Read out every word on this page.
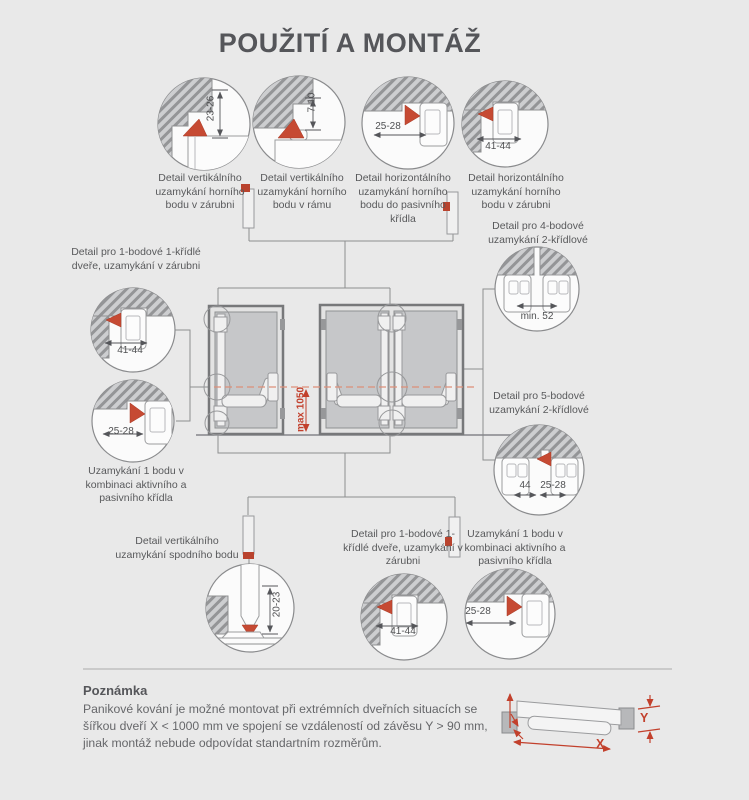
POUŽITÍ A MONTÁŽ
Detail vertikálního uzamykání horního bodu v zárubni
Detail vertikálního uzamykání horního bodu v rámu
Detail horizontálního uzamykání horního bodu do pasivního křídla
Detail horizontálního uzamykání horního bodu v zárubni
Detail pro 1-bodové 1-křídlé dveře, uzamykání v zárubni
Uzamykání 1 bodu v kombinaci aktivního a pasivního křídla
Detail pro 4-bodové uzamykání 2-křídlové
Detail pro 5-bodové uzamykání 2-křídlové
Detail vertikálního uzamykání spodního bodu
Detail pro 1-bodové 1-křídlé dveře, uzamykání v zárubni
Uzamykání 1 bodu v kombinaci aktivního a pasivního křídla
23-26	7-10
25-28
41-44
41-44
25-28
min. 52
44 25-28
20-23
41-44
25-28
max 1050
Poznámka
Panikové kování je možné montovat při extrémních dveřních situacích se šířkou dveří X < 1000 mm ve spojení se vzdáleností od závěsu Y > 90 mm, jinak montáž nebude odpovídat standartním rozměrům.	X
Y
